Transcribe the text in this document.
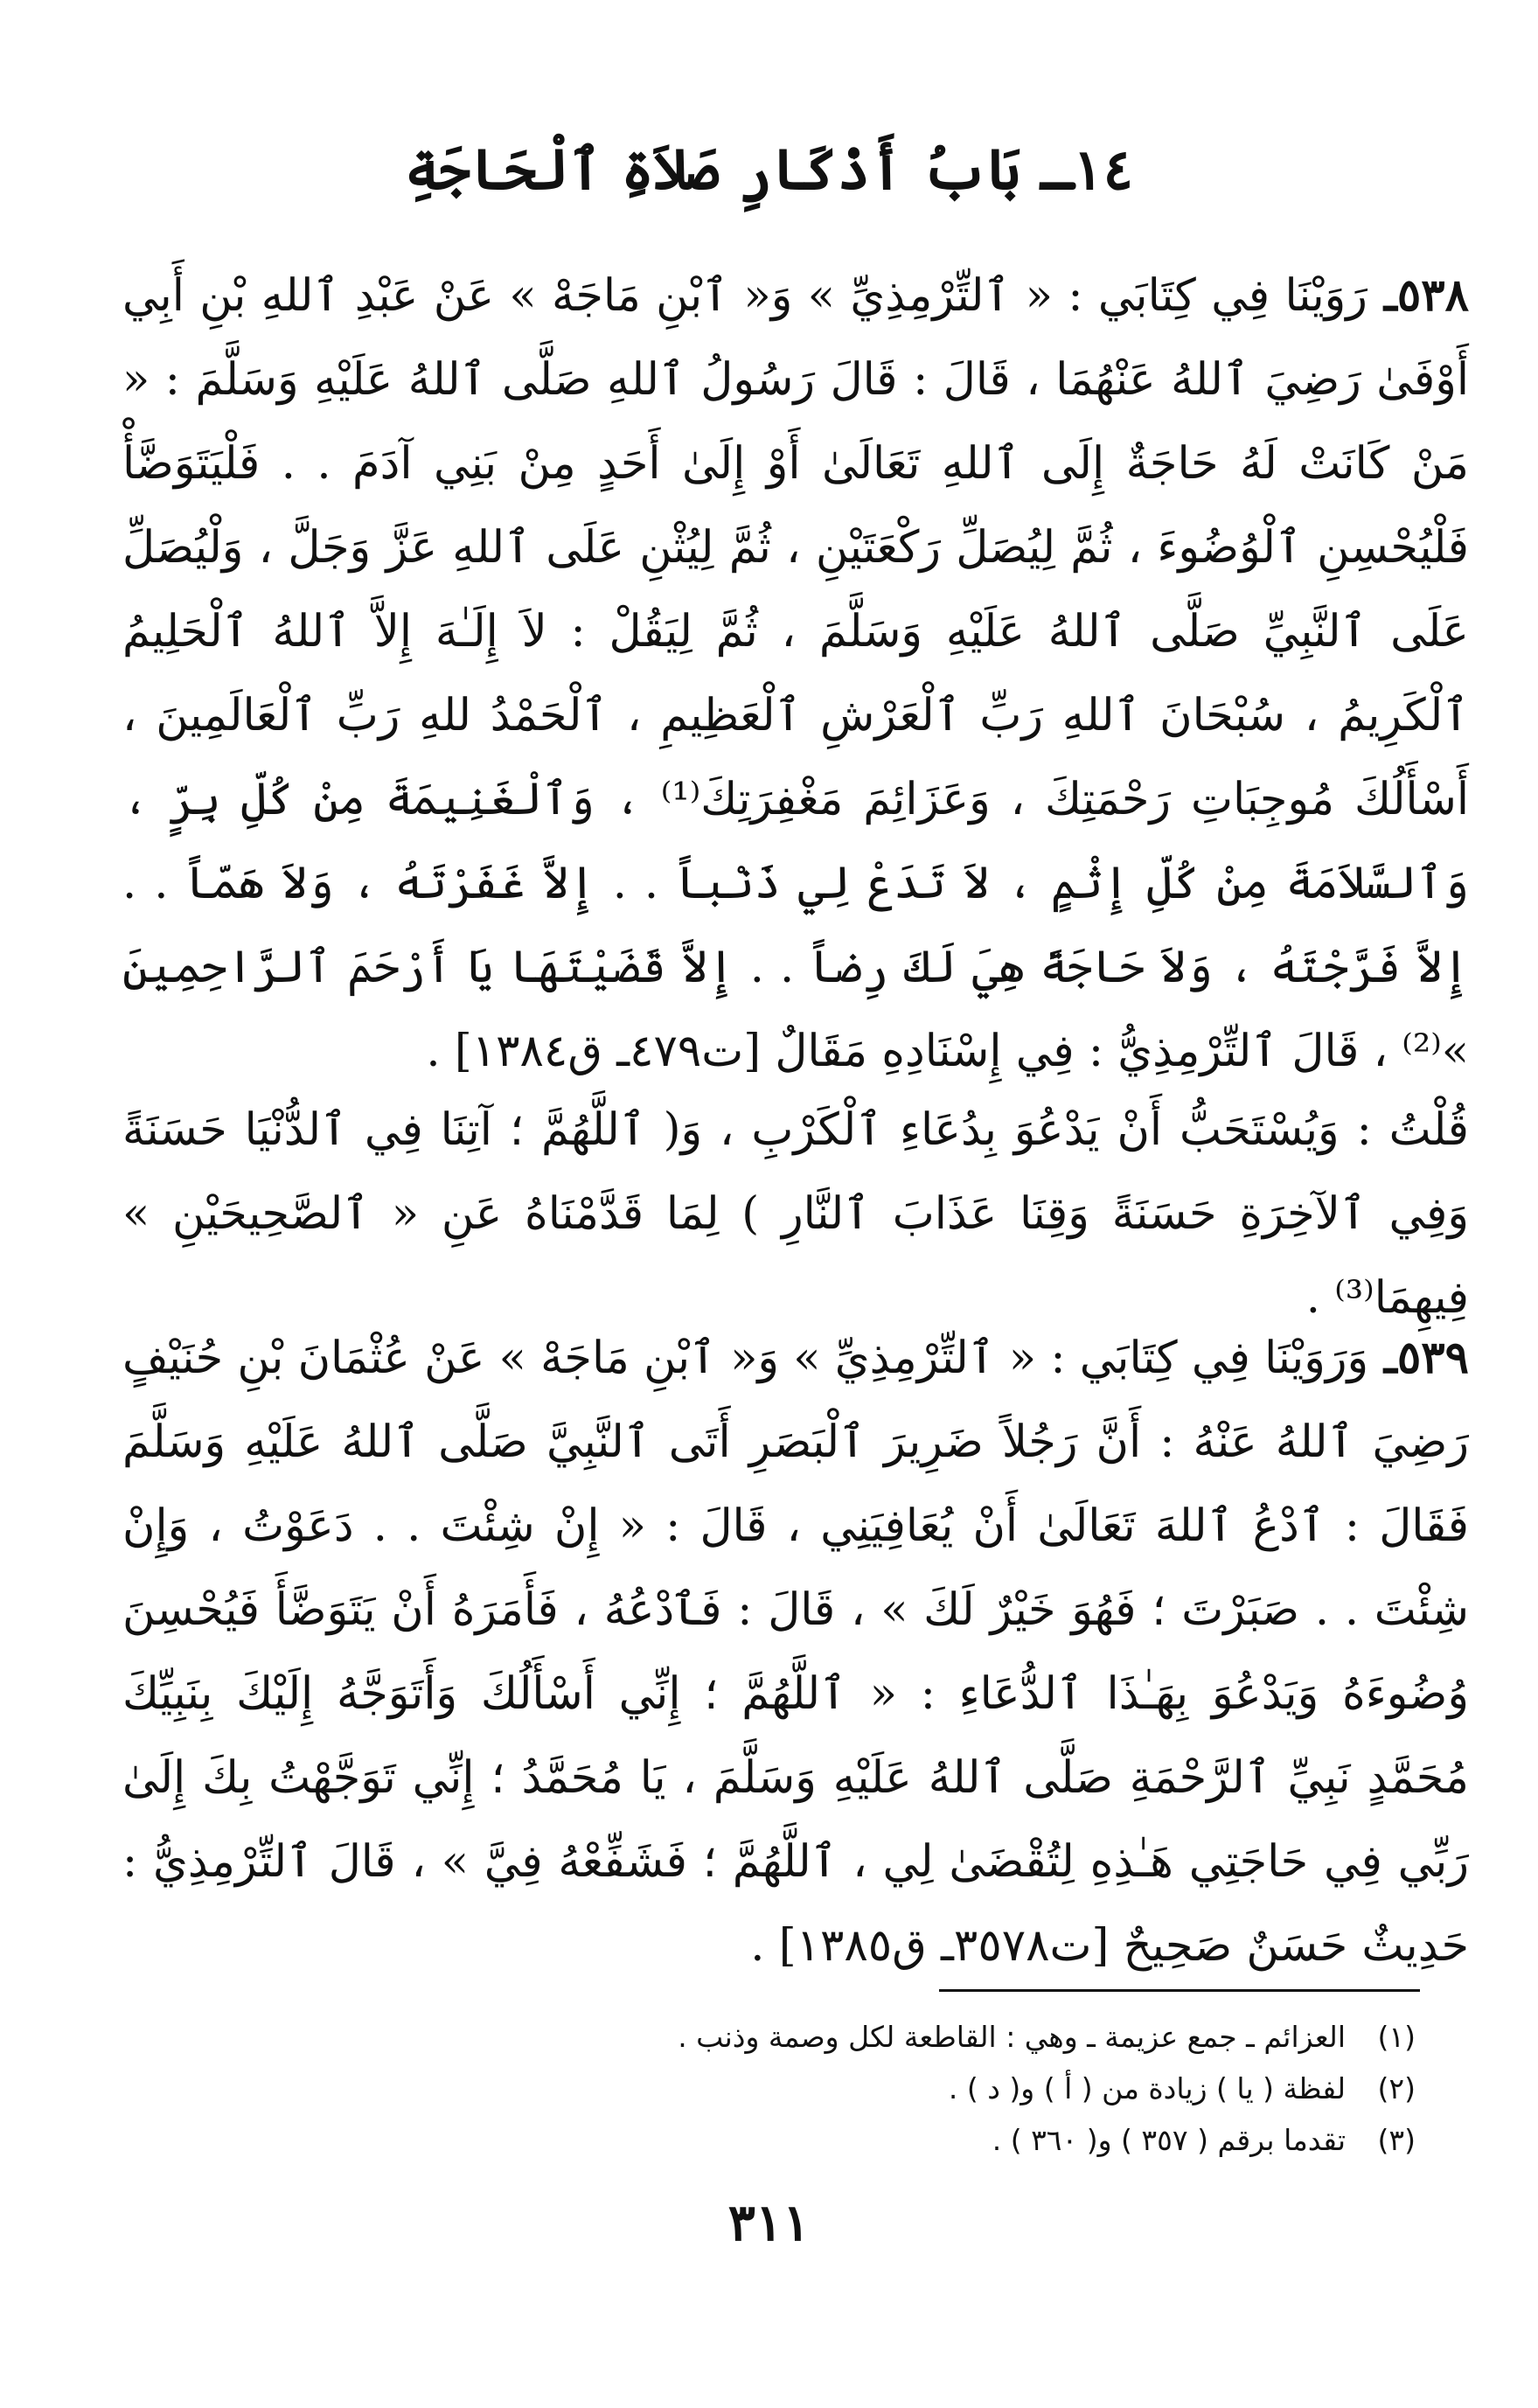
١٤ـ بَابُ أَذْكَارِ صَلاَةِ ٱلْحَاجَةِ

٥٣٨ـ رَوَيْنَا فِي كِتَابَي : « ٱلتِّرْمِذِيِّ » وَ« ٱبْنِ مَاجَهْ » عَنْ عَبْدِ ٱللهِ بْنِ أَبِي أَوْفَىٰ رَضِيَ ٱللهُ عَنْهُمَا ، قَالَ : قَالَ رَسُولُ ٱللهِ صَلَّى ٱللهُ عَلَيْهِ وَسَلَّمَ : « مَنْ كَانَتْ لَهُ حَاجَةٌ إِلَى ٱللهِ تَعَالَىٰ أَوْ إِلَىٰ أَحَدٍ مِنْ بَنِي آدَمَ . . فَلْيَتَوَضَّأْ فَلْيُحْسِنِ ٱلْوُضُوءَ ، ثُمَّ لِيُصَلِّ رَكْعَتَيْنِ ، ثُمَّ لِيُثْنِ عَلَى ٱللهِ عَزَّ وَجَلَّ ، وَلْيُصَلِّ عَلَى ٱلنَّبِيِّ صَلَّى ٱللهُ عَلَيْهِ وَسَلَّمَ ، ثُمَّ لِيَقُلْ : لاَ إِلَـٰهَ إِلاَّ ٱللهُ ٱلْحَلِيمُ ٱلْكَرِيمُ ، سُبْحَانَ ٱللهِ رَبِّ ٱلْعَرْشِ ٱلْعَظِيمِ ، ٱلْحَمْدُ للهِ رَبِّ ٱلْعَالَمِينَ ، أَسْأَلُكَ مُوجِبَاتِ رَحْمَتِكَ ، وَعَزَائِمَ مَغْفِرَتِكَ⁽¹⁾ ، وَٱلْغَنِيمَةَ مِنْ كُلِّ بِرٍّ ، وَٱلسَّلاَمَةَ مِنْ كُلِّ إِثْمٍ ، لاَ تَدَعْ لِي ذَنْباً . . إِلاَّ غَفَرْتَهُ ، وَلاَ هَمّاً . . إِلاَّ فَرَّجْتَهُ ، وَلاَ حَاجَةً هِيَ لَكَ رِضاً . . إِلاَّ قَضَيْتَهَا يَا أَرْحَمَ ٱلرَّاحِمِينَ »⁽²⁾ ، قَالَ ٱلتِّرْمِذِيُّ : فِي إِسْنَادِهِ مَقَالٌ [ت٤٧٩ـ ق١٣٨٤] .

قُلْتُ : وَيُسْتَحَبُّ أَنْ يَدْعُوَ بِدُعَاءِ ٱلْكَرْبِ ، وَ( ٱللَّهُمَّ ؛ آتِنَا فِي ٱلدُّنْيَا حَسَنَةً وَفِي ٱلآخِرَةِ حَسَنَةً وَقِنَا عَذَابَ ٱلنَّارِ ) لِمَا قَدَّمْنَاهُ عَنِ « ٱلصَّحِيحَيْنِ » فِيهِمَا⁽³⁾ .

٥٣٩ـ وَرَوَيْنَا فِي كِتَابَي : « ٱلتِّرْمِذِيِّ » وَ« ٱبْنِ مَاجَهْ » عَنْ عُثْمَانَ بْنِ حُنَيْفٍ رَضِيَ ٱللهُ عَنْهُ : أَنَّ رَجُلاً ضَرِيرَ ٱلْبَصَرِ أَتَى ٱلنَّبِيَّ صَلَّى ٱللهُ عَلَيْهِ وَسَلَّمَ فَقَالَ : ٱدْعُ ٱللهَ تَعَالَىٰ أَنْ يُعَافِيَنِي ، قَالَ : « إِنْ شِئْتَ . . دَعَوْتُ ، وَإِنْ شِئْتَ . . صَبَرْتَ ؛ فَهُوَ خَيْرٌ لَكَ » ، قَالَ : فَٱدْعُهُ ، فَأَمَرَهُ أَنْ يَتَوَضَّأَ فَيُحْسِنَ وُضُوءَهُ وَيَدْعُوَ بِهَـٰذَا ٱلدُّعَاءِ : « ٱللَّهُمَّ ؛ إِنِّي أَسْأَلُكَ وَأَتَوَجَّهُ إِلَيْكَ بِنَبِيِّكَ مُحَمَّدٍ نَبِيِّ ٱلرَّحْمَةِ صَلَّى ٱللهُ عَلَيْهِ وَسَلَّمَ ، يَا مُحَمَّدُ ؛ إِنِّي تَوَجَّهْتُ بِكَ إِلَىٰ رَبِّي فِي حَاجَتِي هَـٰذِهِ لِتُقْضَىٰ لِي ، ٱللَّهُمَّ ؛ فَشَفِّعْهُ فِيَّ » ، قَالَ ٱلتِّرْمِذِيُّ : حَدِيثٌ حَسَنٌ صَحِيحٌ [ت٣٥٧٨ـ ق١٣٨٥] .

(١)
العزائم ـ جمع عزيمة ـ وهي : القاطعة لكل وصمة وذنب .
(٢)
لفظة ( يا ) زيادة من ( أ ) و( د ) .
(٣)
تقدما برقم ( ٣٥٧ ) و( ٣٦٠ ) .
٣١١
